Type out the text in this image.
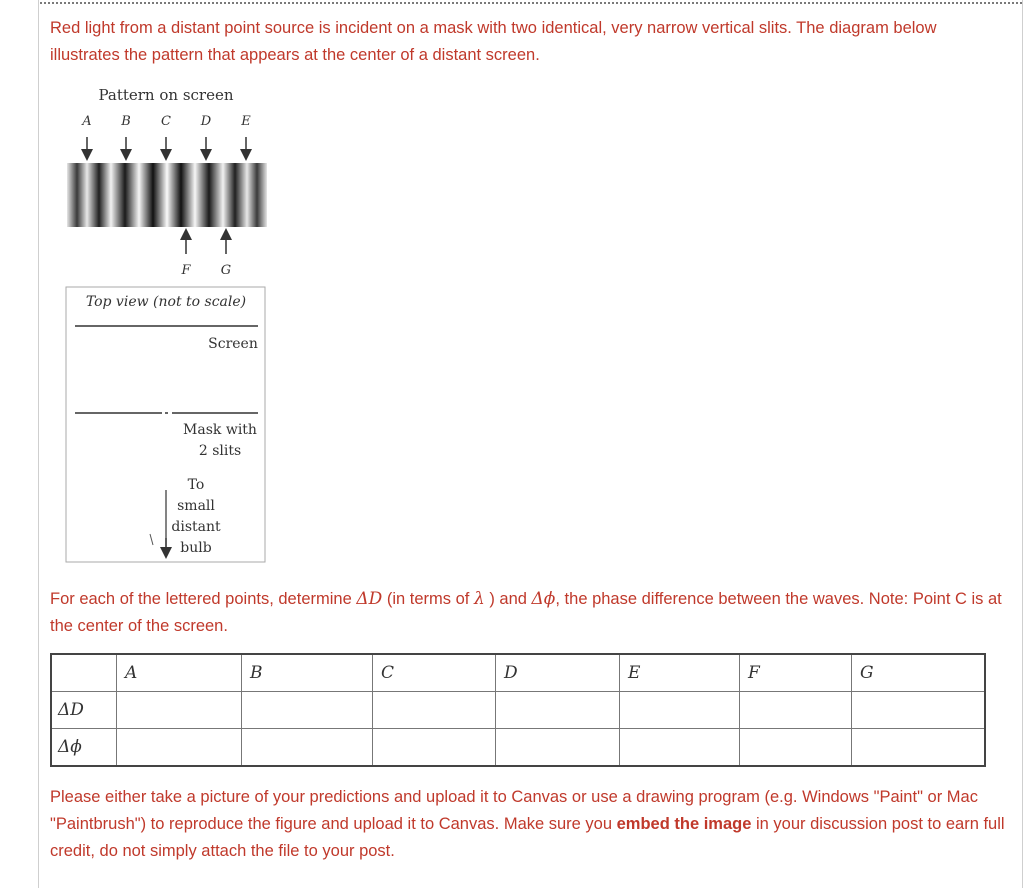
Red light from a distant point source is incident on a mask with two identical, very narrow vertical slits. The diagram below illustrates the pattern that appears at the center of a distant screen.
Pattern on screen
A B C D E
F G
Top view (not to scale)
Screen
Mask with
2 slits
To
small
distant
bulb
For each of the lettered points, determine ΔD (in terms of λ ) and Δϕ, the phase difference between the waves. Note: Point C is at the center of the screen.
	A	B	C	D	E	F	G
ΔD							
Δϕ							
Please either take a picture of your predictions and upload it to Canvas or use a drawing program (e.g. Windows "Paint" or Mac "Paintbrush") to reproduce the figure and upload it to Canvas. Make sure you embed the image in your discussion post to earn full credit, do not simply attach the file to your post.
